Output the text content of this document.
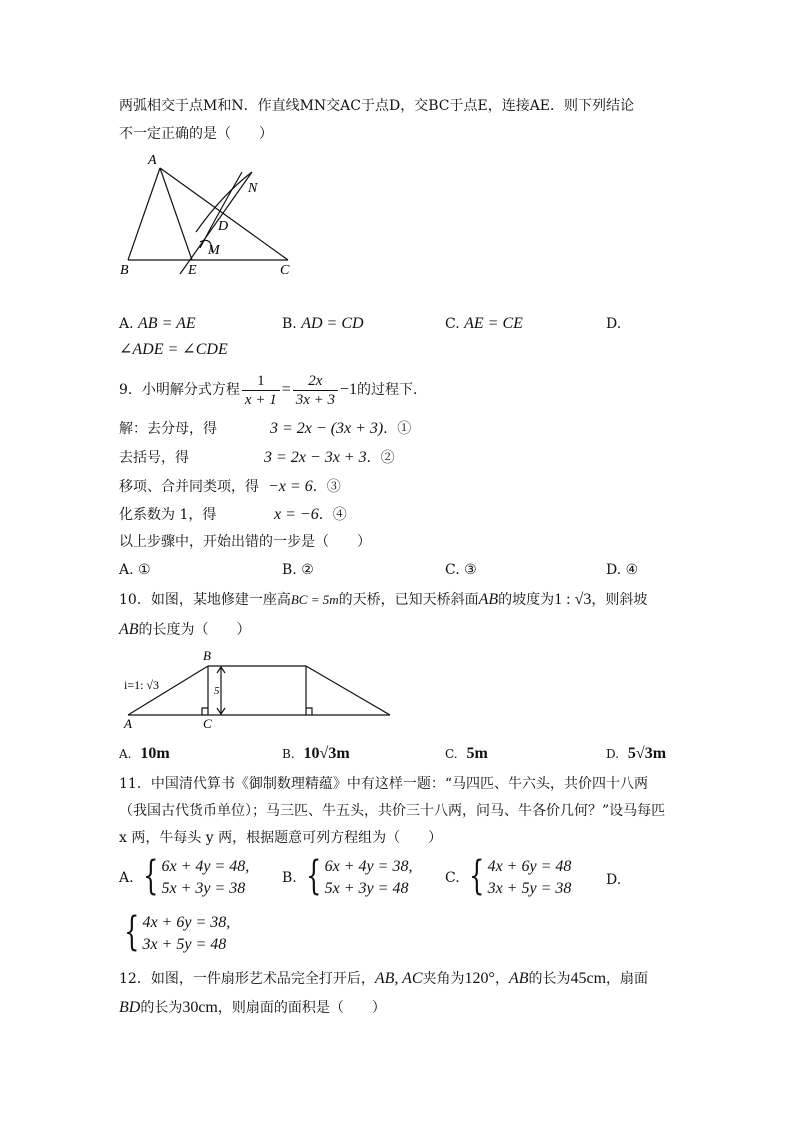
两弧相交于点M和N．作直线MN交AC于点D，交BC于点E，连接AE．则下列结论
不一定正确的是（　　）
A
B	E	C
D
M
N
A. AB = AE	B. AD = CD	C. AE = CE	D.
∠ADE = ∠CDE
9．小明解分式方程 $\frac{1}{x + 1} = \frac{2x}{3x + 3} -1$的过程下．
解：去分母，得	3 = 2x − (3x + 3)．①
去括号，得	3 = 2x − 3x + 3．②
移项、合并同类项，得 −x = 6．③
化系数为 1，得	x = −6．④
以上步骤中，开始出错的一步是（　　）
A. ①	B. ②	C. ③	D. ④
10．如图，某地修建一座高BC = 5m的天桥，已知天桥斜面AB的坡度为1 : √3，则斜坡
AB的长度为（　　）
i=1: √3	5
A
B
C
A. 10m	B. 10√3m	C. 5m	D. 5√3m
11．中国清代算书《御制数理精蕴》中有这样一题：“马四匹、牛六头，共价四十八两
（我国古代货币单位）；马三匹、牛五头，共价三十八两，问马、牛各价几何？”设马每匹
x 两，牛每头 y 两，根据题意可列方程组为（　　）
A. { 6x + 4y = 48,
5x + 3y = 38
B. { 6x + 4y = 38,
5x + 3y = 48
C. { 4x + 6y = 48
3x + 5y = 38 D.
{ 4x + 6y = 38,
3x + 5y = 48
12．如图，一件扇形艺术品完全打开后，AB, AC夹角为120°，AB的长为45cm，扇面
BD的长为30cm，则扇面的面积是（　　）
